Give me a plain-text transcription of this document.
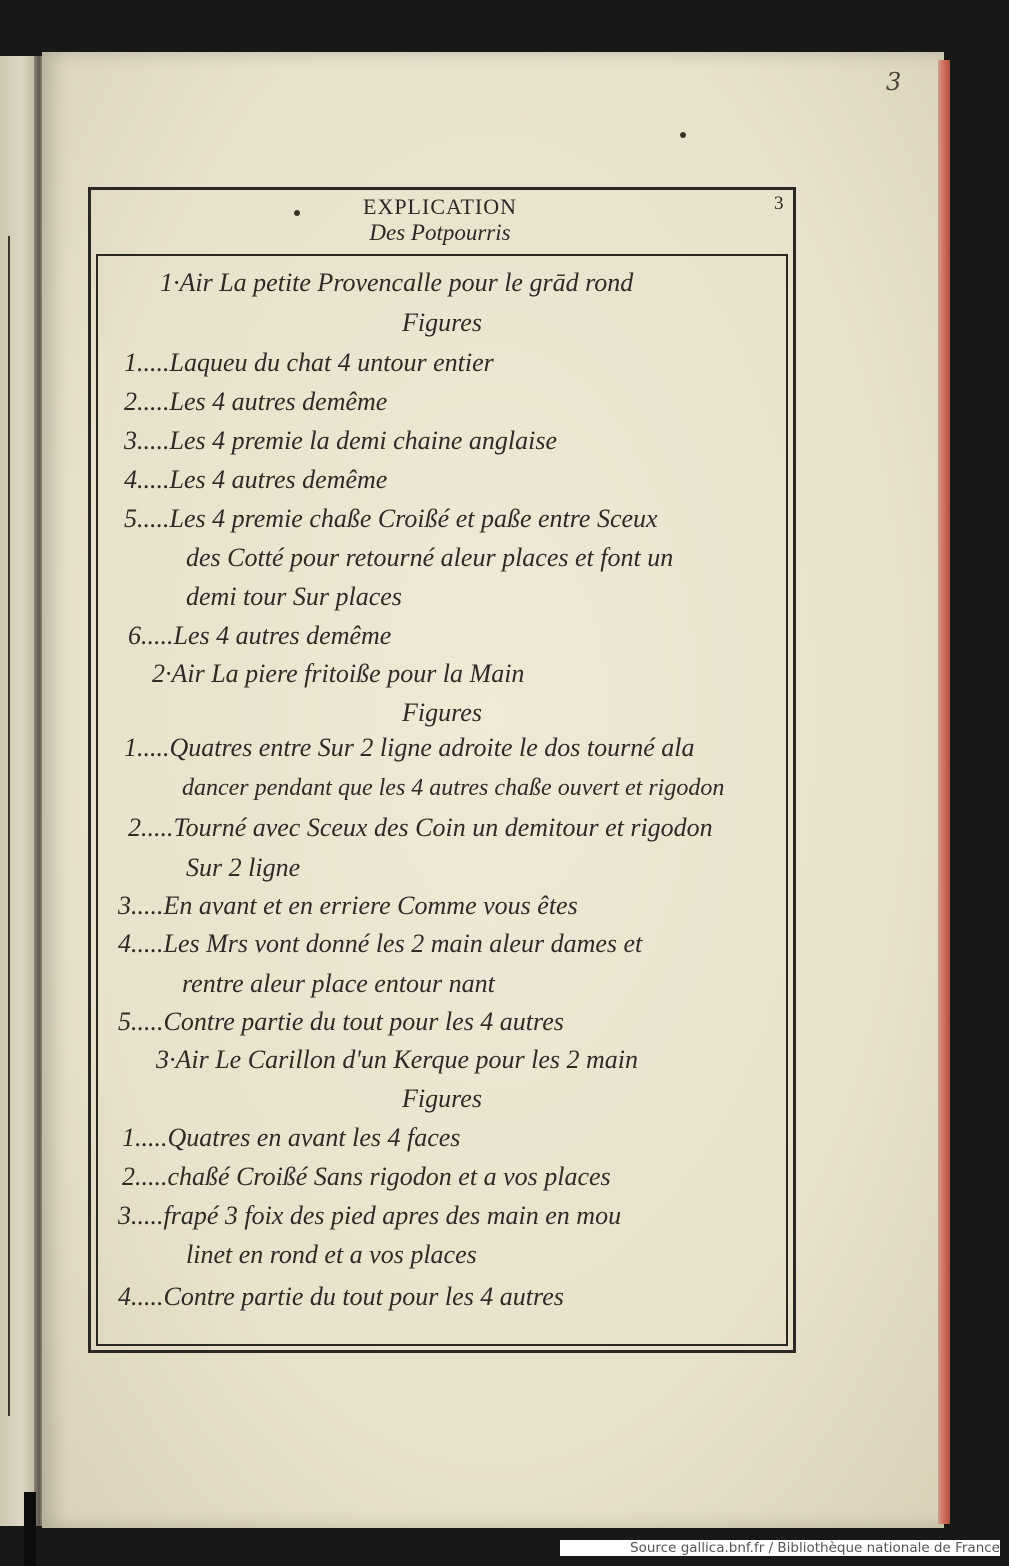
3
3
EXPLICATION
Des Potpourris
1·Air La petite Provencalle pour le grād rond
Figures
1.....Laqueu du chat 4 untour entier
2.....Les 4 autres demême
3.....Les 4 premie la demi chaine anglaise
4.....Les 4 autres demême
5.....Les 4 premie chaße Croißé et paße entre Sceux
des Cotté pour retourné aleur places et font un
demi tour Sur places
6.....Les 4 autres demême
2·Air La piere fritoiße pour la Main
Figures
1.....Quatres entre Sur 2 ligne adroite le dos tourné ala
dancer pendant que les 4 autres chaße ouvert et rigodon
2.....Tourné avec Sceux des Coin un demitour et rigodon
Sur 2 ligne
3.....En avant et en erriere Comme vous êtes
4.....Les Mrs vont donné les 2 main aleur dames et
rentre aleur place entour nant
5.....Contre partie du tout pour les 4 autres
3·Air Le Carillon d'un Kerque pour les 2 main
Figures
1.....Quatres en avant les 4 faces
2.....chaßé Croißé Sans rigodon et a vos places
3.....frapé 3 foix des pied apres des main en mou
linet en rond et a vos places
4.....Contre partie du tout pour les 4 autres
Source gallica.bnf.fr / Bibliothèque nationale de France
